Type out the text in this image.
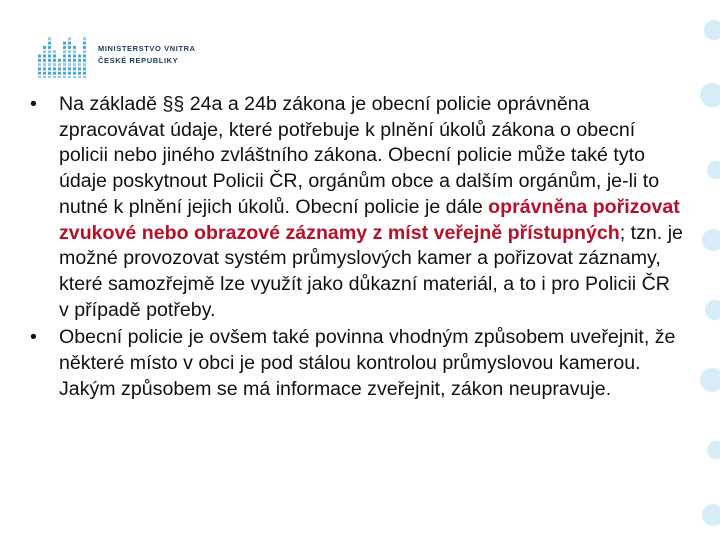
MINISTERSTVO VNITRA
ČESKÉ REPUBLIKY

•	Na základě §§ 24a a 24b zákona je obecní policie oprávněna zpracovávat údaje, které potřebuje k plnění úkolů zákona o obecní policii nebo jiného zvláštního zákona. Obecní policie může také tyto údaje poskytnout Policii ČR, orgánům obce a dalším orgánům, je-li to nutné k plnění jejich úkolů. Obecní policie je dále oprávněna pořizovat zvukové nebo obrazové záznamy z míst veřejně přístupných; tzn. je možné provozovat systém průmyslových kamer a pořizovat záznamy, které samozřejmě lze využít jako důkazní materiál, a to i pro Policii ČR v případě potřeby.

•	Obecní policie je ovšem také povinna vhodným způsobem uveřejnit, že některé místo v obci je pod stálou kontrolou průmyslovou kamerou. Jakým způsobem se má informace zveřejnit, zákon neupravuje.
